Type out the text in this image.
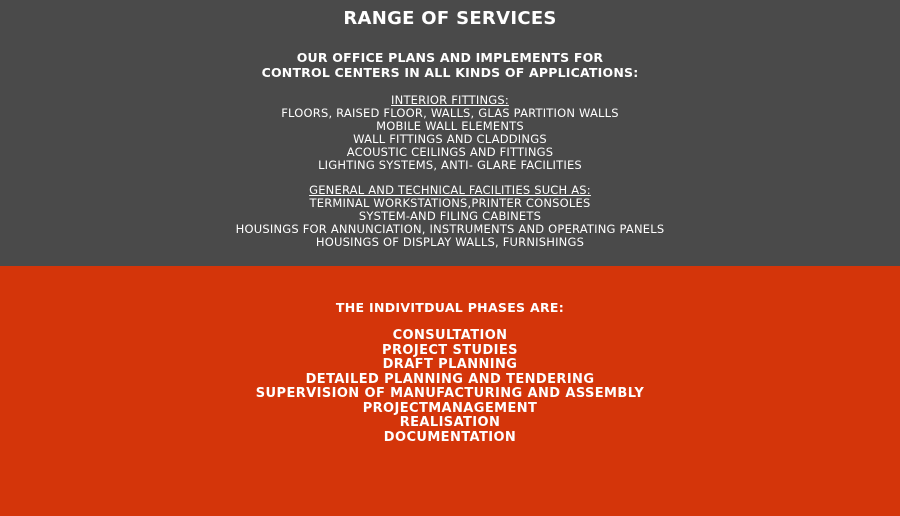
RANGE OF SERVICES
OUR OFFICE PLANS AND IMPLEMENTS FOR
CONTROL CENTERS IN ALL KINDS OF APPLICATIONS:
INTERIOR FITTINGS:
FLOORS, RAISED FLOOR, WALLS, GLAS PARTITION WALLS
MOBILE WALL ELEMENTS
WALL FITTINGS AND CLADDINGS
ACOUSTIC CEILINGS AND FITTINGS
LIGHTING SYSTEMS, ANTI- GLARE FACILITIES
GENERAL AND TECHNICAL FACILITIES SUCH AS:
TERMINAL WORKSTATIONS,PRINTER CONSOLES
SYSTEM-AND FILING CABINETS
HOUSINGS FOR ANNUNCIATION, INSTRUMENTS AND OPERATING PANELS
HOUSINGS OF DISPLAY WALLS, FURNISHINGS
THE INDIVITDUAL PHASES ARE:
CONSULTATION
PROJECT STUDIES
DRAFT PLANNING
DETAILED PLANNING AND TENDERING
SUPERVISION OF MANUFACTURING AND ASSEMBLY
PROJECTMANAGEMENT
REALISATION
DOCUMENTATION
